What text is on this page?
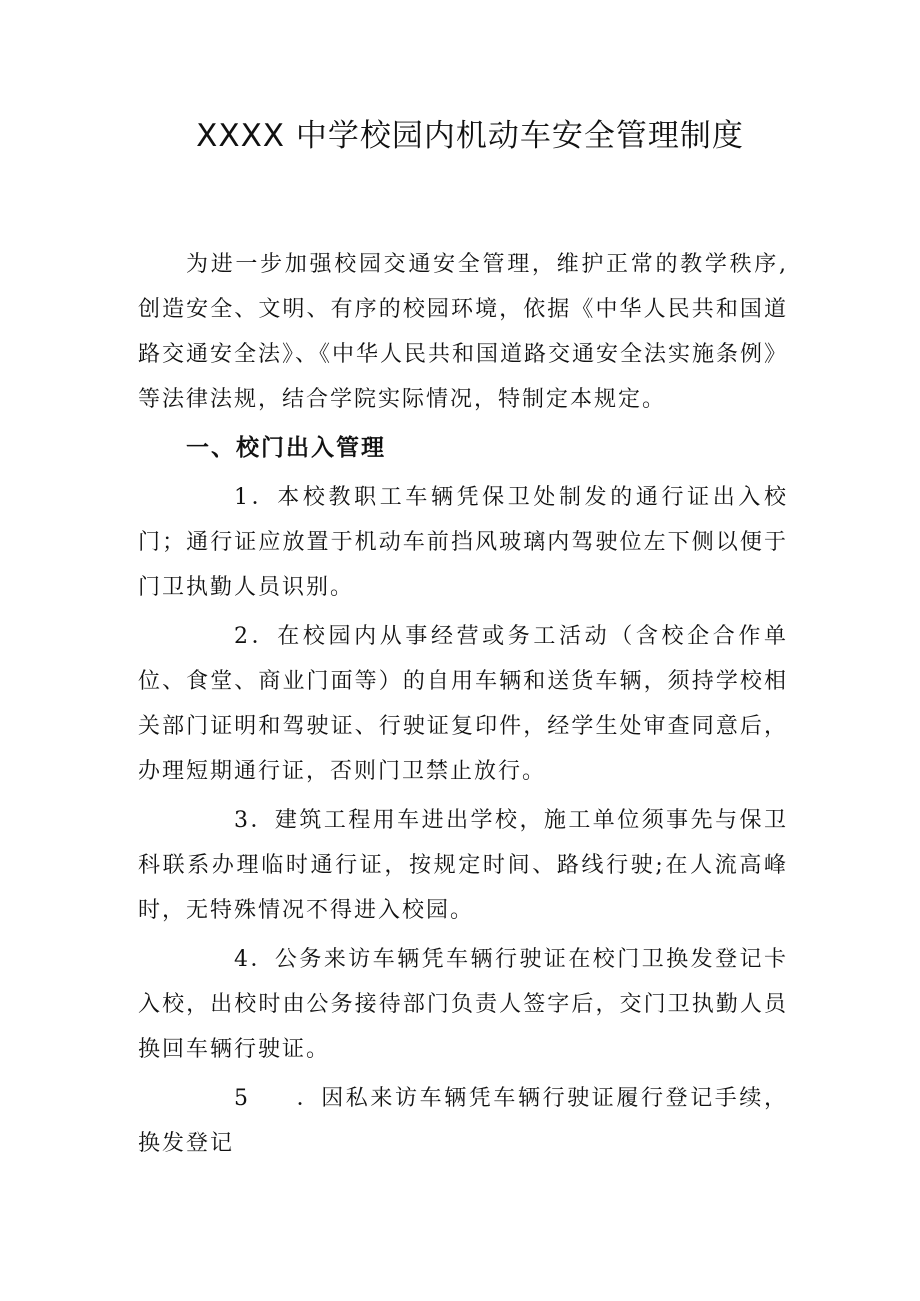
XXXX 中学校园内机动车安全管理制度

为进一步加强校园交通安全管理，维护正常的教学秩序,创造安全、文明、有序的校园环境，依据《中华人民共和国道路交通安全法》、《中华人民共和国道路交通安全法实施条例》等法律法规，结合学院实际情况，特制定本规定。

一、校门出入管理

1．本校教职工车辆凭保卫处制发的通行证出入校门；通行证应放置于机动车前挡风玻璃内驾驶位左下侧以便于门卫执勤人员识别。

2．在校园内从事经营或务工活动（含校企合作单位、食堂、商业门面等）的自用车辆和送货车辆，须持学校相关部门证明和驾驶证、行驶证复印件，经学生处审查同意后，办理短期通行证，否则门卫禁止放行。

3．建筑工程用车进出学校，施工单位须事先与保卫科联系办理临时通行证，按规定时间、路线行驶;在人流高峰时，无特殊情况不得进入校园。

4．公务来访车辆凭车辆行驶证在校门卫换发登记卡入校，出校时由公务接待部门负责人签字后，交门卫执勤人员换回车辆行驶证。

5 ．因私来访车辆凭车辆行驶证履行登记手续，换发登记
